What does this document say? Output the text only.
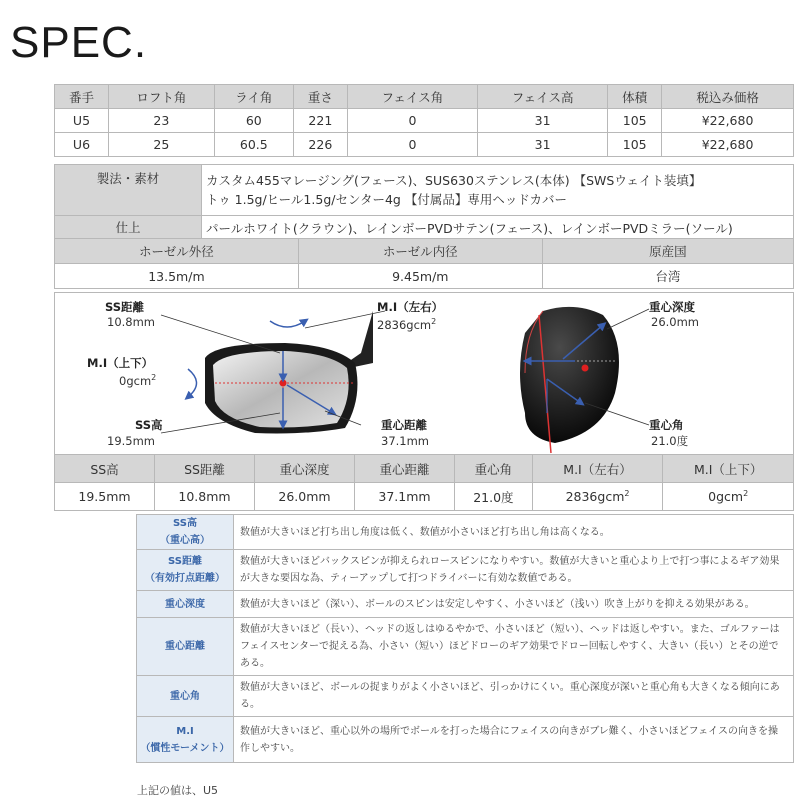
SPEC.
番手	ロフト角	ライ角	重さ	フェイス角	フェイス高	体積	税込み価格
U5	23	60	221	0	31	105	¥22,680
U6	25	60.5	226	0	31	105	¥22,680
製法・素材	カスタム455マレージング(フェース)、SUS630ステンレス(本体) 【SWSウェイト装填】
トゥ 1.5g/ヒール1.5g/センター4g 【付属品】専用ヘッドカバー

仕上	パールホワイト(クラウン)、レインボーPVDサテン(フェース)、レインボーPVDミラー(ソール)
ホーゼル外径	ホーゼル内径	原産国
13.5m/m	9.45m/m	台湾
SS距離
10.8mm
M.I（左右）
2836gcm$^2$
M.I（上下）
0gcm$^2$
SS高
19.5mm
重心距離
37.1mm
重心深度
26.0mm
重心角
21.0度
SS高	SS距離	重心深度	重心距離	重心角	M.I（左右）	M.I（上下）
19.5mm	10.8mm	26.0mm	37.1mm	21.0度	2836gcm$^2$	0gcm$^2$
SS高
（重心高）	数値が大きいほど打ち出し角度は低く、数値が小さいほど打ち出し角は高くなる。

SS距離
（有効打点距離）	数値が大きいほどバックスピンが抑えられロースピンになりやすい。数値が大きいと重心より上で打つ事によるギア効果が大きな要因な為、ティーアップして打つドライバーに有効な数値である。

重心深度	数値が大きいほど（深い）、ボールのスピンは安定しやすく、小さいほど（浅い）吹き上がりを抑える効果がある。

重心距離	数値が大きいほど（長い）、ヘッドの返しはゆるやかで、小さいほど（短い）、ヘッドは返しやすい。また、ゴルファーはフェイスセンターで捉える為、小さい（短い）ほどドローのギア効果でドロー回転しやすく、大きい（長い）とその逆である。

重心角	数値が大きいほど、ボールの捉まりがよく小さいほど、引っかけにくい。重心深度が深いと重心角も大きくなる傾向にある。

M.I
（慣性モーメント）	数値が大きいほど、重心以外の場所でボールを打った場合にフェイスの向きがブレ難く、小さいほどフェイスの向きを操作しやすい。
上記の値は、U5
